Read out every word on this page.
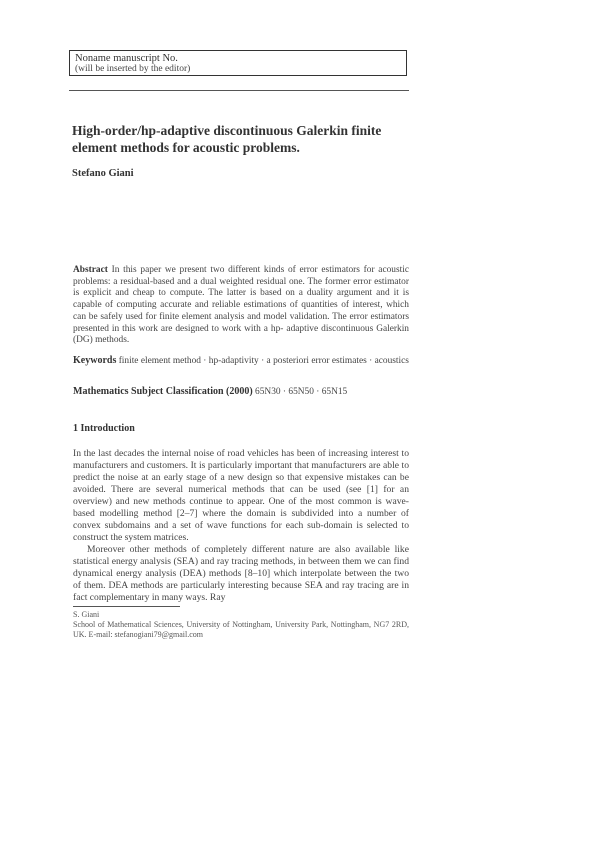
Noname manuscript No.
(will be inserted by the editor)
High-order/hp-adaptive discontinuous Galerkin finite element methods for acoustic problems.
Stefano Giani

Abstract In this paper we present two different kinds of error estimators for acoustic problems: a residual-based and a dual weighted residual one. The former error estimator is explicit and cheap to compute. The latter is based on a duality argument and it is capable of computing accurate and reliable estimations of quantities of interest, which can be safely used for finite element analysis and model validation. The error estimators presented in this work are designed to work with a hp- adaptive discontinuous Galerkin (DG) methods.

Keywords finite element method · hp-adaptivity · a posteriori error estimates · acoustics

Mathematics Subject Classification (2000) 65N30 · 65N50 · 65N15

1 Introduction

In the last decades the internal noise of road vehicles has been of increasing interest to manufacturers and customers. It is particularly important that manufacturers are able to predict the noise at an early stage of a new design so that expensive mistakes can be avoided. There are several numerical methods that can be used (see [1] for an overview) and new methods continue to appear. One of the most common is wave-based modelling method [2–7] where the domain is subdivided into a number of convex subdomains and a set of wave functions for each sub-domain is selected to construct the system matrices.

Moreover other methods of completely different nature are also available like statistical energy analysis (SEA) and ray tracing methods, in between them we can find dynamical energy analysis (DEA) methods [8–10] which interpolate between the two of them. DEA methods are particularly interesting because SEA and ray tracing are in fact complementary in many ways. Ray

S. Giani

School of Mathematical Sciences, University of Nottingham, University Park, Nottingham, NG7 2RD, UK. E-mail: stefanogiani79@gmail.com
